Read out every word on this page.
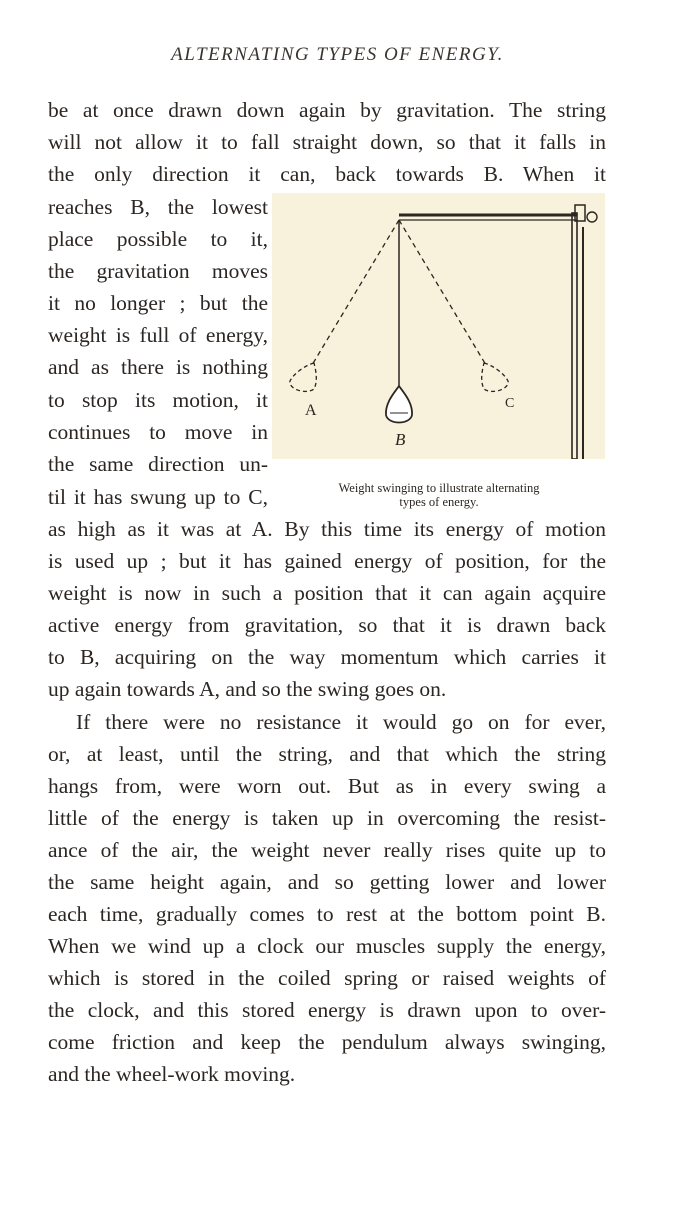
ALTERNATING TYPES OF ENERGY.
be at once drawn down again by gravitation. The string
will not allow it to fall straight down, so that it falls in
the only direction it can, back towards B. When it
reaches B, the lowest
place possible to it,
the gravitation moves
it no longer ; but the
weight is full of energy,
and as there is nothing
to stop its motion, it
continues to move in
the same direction un-
til it has swung up to C,
as high as it was at A. By this time its energy of motion
is used up ; but it has gained energy of position, for the
weight is now in such a position that it can again açquire
active energy from gravitation, so that it is drawn back
to B, acquiring on the way momentum which carries it
up again towards A, and so the swing goes on.
If there were no resistance it would go on for ever,
or, at least, until the string, and that which the string
hangs from, were worn out. But as in every swing a
little of the energy is taken up in overcoming the resist-
ance of the air, the weight never really rises quite up to
the same height again, and so getting lower and lower
each time, gradually comes to rest at the bottom point B.
When we wind up a clock our muscles supply the energy,
which is stored in the coiled spring or raised weights of
the clock, and this stored energy is drawn upon to over-
come friction and keep the pendulum always swinging,
and the wheel-work moving.
A
B
C
Weight swinging to illustrate alternating
types of energy.
